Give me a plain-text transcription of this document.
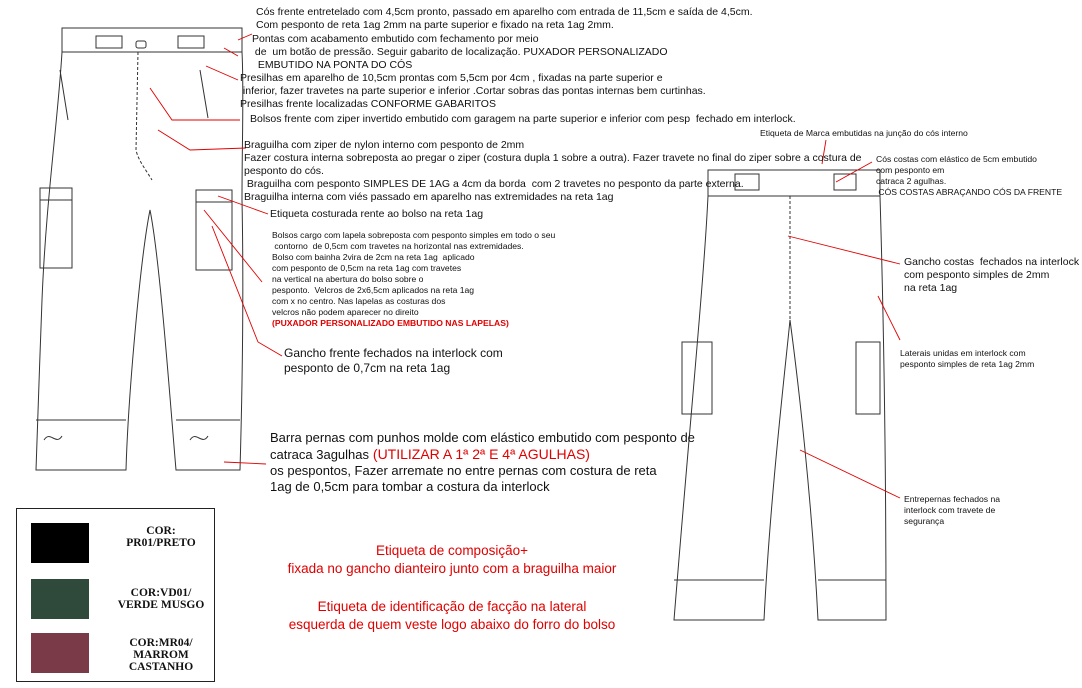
Cós frente entretelado com 4,5cm pronto, passado em aparelho com entrada de 11,5cm e saída de 4,5cm.
Com pesponto de reta 1ag 2mm na parte superior e fixado na reta 1ag 2mm.
Pontas com acabamento embutido com fechamento por meio
de  um botão de pressão. Seguir gabarito de localização. PUXADOR PERSONALIZADO
EMBUTIDO NA PONTA DO CÓS
Presilhas em aparelho de 10,5cm prontas com 5,5cm por 4cm , fixadas na parte superior e
inferior, fazer travetes na parte superior e inferior .Cortar sobras das pontas internas bem curtinhas.
Presilhas frente localizadas CONFORME GABARITOS
Bolsos frente com ziper invertido embutido com garagem na parte superior e inferior com pesp  fechado em interlock.
Braguilha com ziper de nylon interno com pesponto de 2mm
Fazer costura interna sobreposta ao pregar o ziper (costura dupla 1 sobre a outra). Fazer travete no final do ziper sobre a costura de
pesponto do cós.
Braguilha com pesponto SIMPLES DE 1AG a 4cm da borda  com 2 travetes no pesponto da parte externa.
Braguilha interna com viés passado em aparelho nas extremidades na reta 1ag
Etiqueta costurada rente ao bolso na reta 1ag
Bolsos cargo com lapela sobreposta com pesponto simples em todo o seu
contorno  de 0,5cm com travetes na horizontal nas extremidades.
Bolso com bainha 2vira de 2cm na reta 1ag  aplicado
com pesponto de 0,5cm na reta 1ag com travetes
na vertical na abertura do bolso sobre o
pesponto.  Velcros de 2x6,5cm aplicados na reta 1ag
com x no centro. Nas lapelas as costuras dos
velcros não podem aparecer no direito
(PUXADOR PERSONALIZADO EMBUTIDO NAS LAPELAS)
Gancho frente fechados na interlock com
pesponto de 0,7cm na reta 1ag
Barra pernas com punhos molde com elástico embutido com pesponto de
catraca 3agulhas (UTILIZAR A 1ª 2ª E 4ª AGULHAS)
os pespontos, Fazer arremate no entre pernas com costura de reta
1ag de 0,5cm para tombar a costura da interlock
Etiqueta de Marca embutidas na junção do cós interno
Cós costas com elástico de 5cm embutido
com pesponto em
catraca 2 agulhas.
CÓS COSTAS ABRAÇANDO CÓS DA FRENTE
Gancho costas  fechados na interlock
com pesponto simples de 2mm
na reta 1ag
Laterais unidas em interlock com
pesponto simples de reta 1ag 2mm
Entrepernas fechados na
interlock com travete de
segurança
Etiqueta de composição+
fixada no gancho dianteiro junto com a braguilha maior
Etiqueta de identificação de facção na lateral
esquerda de quem veste logo abaixo do forro do bolso
COR:
PR01/PRETO
COR:VD01/
VERDE MUSGO
COR:MR04/
MARROM
CASTANHO
